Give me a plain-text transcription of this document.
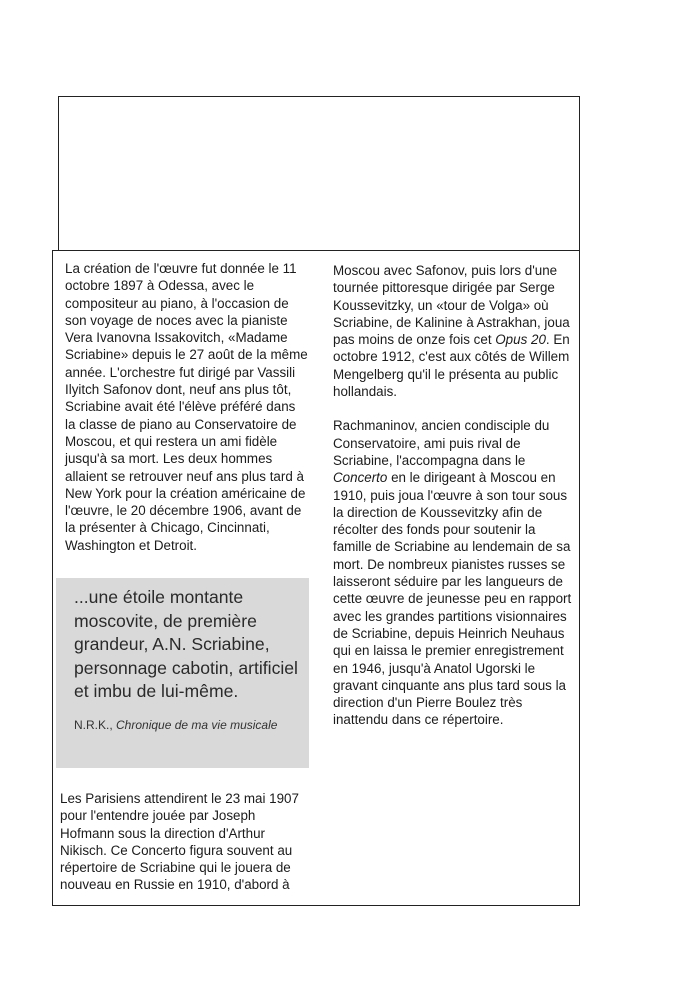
La création de l'œuvre fut donnée le 11 octobre 1897 à Odessa, avec le compositeur au piano, à l'occasion de son voyage de noces avec la pianiste Vera Ivanovna Issakovitch, «Madame Scriabine» depuis le 27 août de la même année. L'orchestre fut dirigé par Vassili Ilyitch Safonov dont, neuf ans plus tôt, Scriabine avait été l'élève préféré dans la classe de piano au Conservatoire de Moscou, et qui restera un ami fidèle jusqu'à sa mort. Les deux hommes allaient se retrouver neuf ans plus tard à New York pour la création américaine de l'œuvre, le 20 décembre 1906, avant de la présenter à Chicago, Cincinnati, Washington et Detroit.

...une étoile montante moscovite, de première grandeur, A.N. Scriabine, personnage cabotin, artificiel et imbu de lui-même.

N.R.K., Chronique de ma vie musicale

Les Parisiens attendirent le 23 mai 1907 pour l'entendre jouée par Joseph Hofmann sous la direction d'Arthur Nikisch. Ce Concerto figura souvent au répertoire de Scriabine qui le jouera de nouveau en Russie en 1910, d'abord à

Moscou avec Safonov, puis lors d'une tournée pittoresque dirigée par Serge Koussevitzky, un «tour de Volga» où Scriabine, de Kalinine à Astrakhan, joua pas moins de onze fois cet Opus 20. En octobre 1912, c'est aux côtés de Willem Mengelberg qu'il le présenta au public hollandais.

Rachmaninov, ancien condisciple du Conservatoire, ami puis rival de Scriabine, l'accompagna dans le Concerto en le dirigeant à Moscou en 1910, puis joua l'œuvre à son tour sous la direction de Koussevitzky afin de récolter des fonds pour soutenir la famille de Scriabine au lendemain de sa mort. De nombreux pianistes russes se laisseront séduire par les langueurs de cette œuvre de jeunesse peu en rapport avec les grandes partitions visionnaires de Scriabine, depuis Heinrich Neuhaus qui en laissa le premier enregistrement en 1946, jusqu'à Anatol Ugorski le gravant cinquante ans plus tard sous la direction d'un Pierre Boulez très inattendu dans ce répertoire.
